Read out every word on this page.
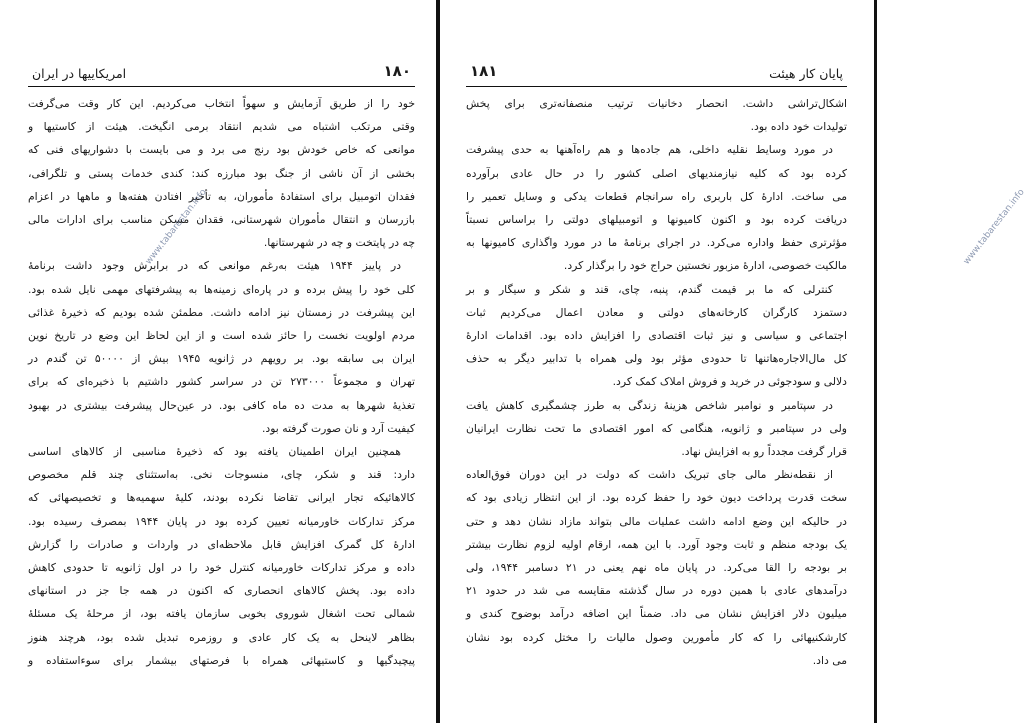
۱۸۰
امریکاییها در ایران
خود را از طریق آزمایش و سهواً انتخاب می‌کردیم. این کار وقت می‌گرفت
وقتی مرتکب اشتباه می شدیم انتقاد برمی انگیخت. هیئت از کاستیها و
موانعی که خاص خودش بود رنج می برد و می بایست با دشواریهای فنی که
بخشی از آن ناشی از جنگ بود مبارزه کند: کندی خدمات پستی و تلگرافی،
فقدان اتومبیل برای استفادهٔ مأموران، به تأخیر افتادن هفته‌ها و ماهها در اعزام
بازرسان و انتقال مأموران شهرستانی، فقدان مسکن مناسب برای ادارات مالی
چه در پایتخت و چه در شهرستانها.
در پاییز ۱۹۴۴ هیئت به‌رغم موانعی که در برابرش وجود داشت برنامهٔ
کلی خود را پیش برده و در پاره‌ای زمینه‌ها به پیشرفتهای مهمی نایل شده بود.
این پیشرفت در زمستان نیز ادامه داشت. مطمئن شده بودیم که ذخیرهٔ غذائی
مردم اولویت نخست را حائز شده است و از این لحاظ این وضع در تاریخ نوین
ایران بی سابقه بود. بر رویهم در ژانویه ۱۹۴۵ بیش از ۵۰۰۰۰ تن گندم در
تهران و مجموعاً ۲۷۳۰۰۰ تن در سراسر کشور داشتیم با ذخیره‌ای که برای
تغذیهٔ شهرها به مدت ده ماه کافی بود. در عین‌حال پیشرفت بیشتری در بهبود
کیفیت آرد و نان صورت گرفته بود.
همچنین ایران اطمینان یافته بود که ذخیرهٔ مناسبی از کالاهای اساسی
دارد: قند و شکر، چای، منسوجات نخی. به‌استثنای چند قلم مخصوص
کالاهائیکه تجار ایرانی تقاضا نکرده بودند، کلیهٔ سهمیه‌ها و تخصیصهائی که
مرکز تدارکات خاورمیانه تعیین کرده بود در پایان ۱۹۴۴ بمصرف رسیده بود.
ادارهٔ کل گمرک افزایش قابل ملاحظه‌ای در واردات و صادرات را گزارش
داده و مرکز تدارکات خاورمیانه کنترل خود را در اول ژانویه تا حدودی کاهش
داده بود. پخش کالاهای انحصاری که اکنون در همه جا جز در استانهای
شمالی تحت اشغال شوروی بخوبی سازمان یافته بود، از مرحلهٔ یک مسئلهٔ
بظاهر لاینحل به یک کار عادی و روزمره تبدیل شده بود، هرچند هنوز
پیچیدگیها و کاستیهائی همراه با فرصتهای بیشمار برای سوءاستفاده و
www.tabarestan.info
۱۸۱	پایان کار هیئت
اشکال‌تراشی داشت. انحصار دخانیات ترتیب منصفانه‌تری برای پخش
تولیدات خود داده بود.
در مورد وسایط نقلیه داخلی، هم جاده‌ها و هم راه‌آهنها به حدی پیشرفت
کرده بود که کلیه نیازمندیهای اصلی کشور را در حال عادی برآورده
می ساخت. ادارهٔ کل باربری راه سرانجام قطعات یدکی و وسایل تعمیر را
دریافت کرده بود و اکنون کامیونها و اتومبیلهای دولتی را براساس نسبتاً
مؤثرتری حفظ واداره می‌کرد. در اجرای برنامهٔ ما در مورد واگذاری کامیونها به
مالکیت خصوصی، ادارهٔ مزبور نخستین حراج خود را برگذار کرد.
کنترلی که ما بر قیمت گندم، پنبه، چای، قند و شکر و سیگار و بر
دستمزد کارگران کارخانه‌های دولتی و معادن اعمال می‌کردیم ثبات
اجتماعی و سیاسی و نیز ثبات اقتصادی را افزایش داده بود. اقدامات ادارهٔ
کل مال‌الاجاره‌هاتنها تا حدودی مؤثر بود ولی همراه با تدابیر دیگر به حذف
دلالی و سودجوئی در خرید و فروش املاک کمک کرد.
در سپتامبر و نوامبر شاخص هزینهٔ زندگی به طرز چشمگیری کاهش یافت
ولی در سپتامبر و ژانویه، هنگامی که امور اقتصادی ما تحت نظارت ایرانیان
قرار گرفت مجدداً رو به افزایش نهاد.
از نقطه‌نظر مالی جای تبریک داشت که دولت در این دوران فوق‌العاده
سخت قدرت پرداخت دیون خود را حفظ کرده بود. از این انتظار زیادی بود که
در حالیکه این وضع ادامه داشت عملیات مالی بتواند مازاد نشان دهد و حتی
یک بودجه منظم و ثابت وجود آورد. با این همه، ارقام اولیه لزوم نظارت بیشتر
بر بودجه را القا می‌کرد. در پایان ماه نهم یعنی در ۲۱ دسامبر ۱۹۴۴، ولی
درآمدهای عادی با همین دوره در سال گذشته مقایسه می شد در حدود ۲۱
میلیون دلار افزایش نشان می داد. ضمناً این اضافه درآمد بوضوح کندی و
کارشکنیهائی را که کار مأمورین وصول مالیات را مختل کرده بود نشان
می داد.
www.tabarestan.info
